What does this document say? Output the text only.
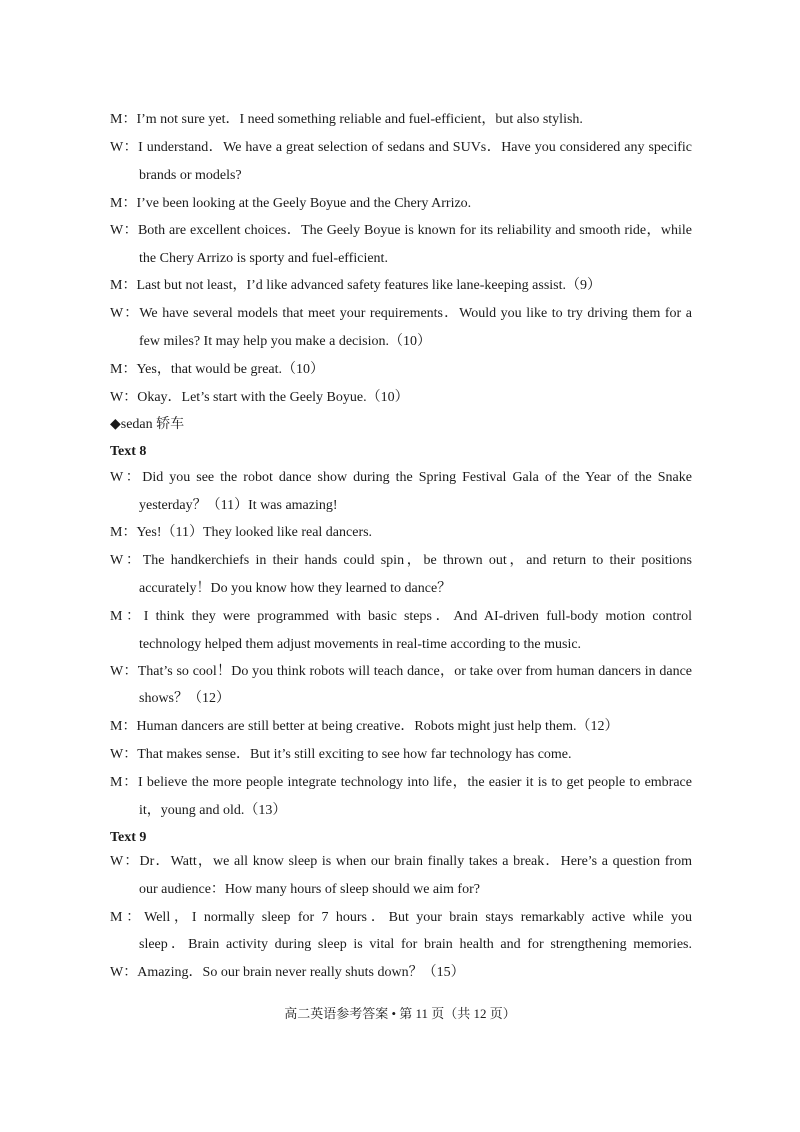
M：I’m not sure yet．I need something reliable and fuel-efficient，but also stylish.
W：I understand．We have a great selection of sedans and SUVs．Have you considered any specific
brands or models?
M：I’ve been looking at the Geely Boyue and the Chery Arrizo.
W：Both are excellent choices．The Geely Boyue is known for its reliability and smooth ride，while
the Chery Arrizo is sporty and fuel-efficient.
M：Last but not least，I’d like advanced safety features like lane-keeping assist.（9）
W：We have several models that meet your requirements．Would you like to try driving them for a
few miles? It may help you make a decision.（10）
M：Yes，that would be great.（10）
W：Okay．Let’s start with the Geely Boyue.（10）
◆sedan 轿车
Text 8
W：Did you see the robot dance show during the Spring Festival Gala of the Year of the Snake
yesterday？（11）It was amazing!
M：Yes!（11）They looked like real dancers.
W：The handkerchiefs in their hands could spin，be thrown out，and return to their positions
accurately！Do you know how they learned to dance？
M：I think they were programmed with basic steps．And AI-driven full-body motion control
technology helped them adjust movements in real-time according to the music.
W：That’s so cool！Do you think robots will teach dance，or take over from human dancers in dance
shows？（12）
M：Human dancers are still better at being creative．Robots might just help them.（12）
W：That makes sense．But it’s still exciting to see how far technology has come.
M：I believe the more people integrate technology into life，the easier it is to get people to embrace
it，young and old.（13）
Text 9
W：Dr．Watt，we all know sleep is when our brain finally takes a break．Here’s a question from
our audience：How many hours of sleep should we aim for?
M：Well，I normally sleep for 7 hours．But your brain stays remarkably active while you
sleep．Brain activity during sleep is vital for brain health and for strengthening memories.
W：Amazing．So our brain never really shuts down？（15）
高二英语参考答案 • 第 11 页（共 12 页）
